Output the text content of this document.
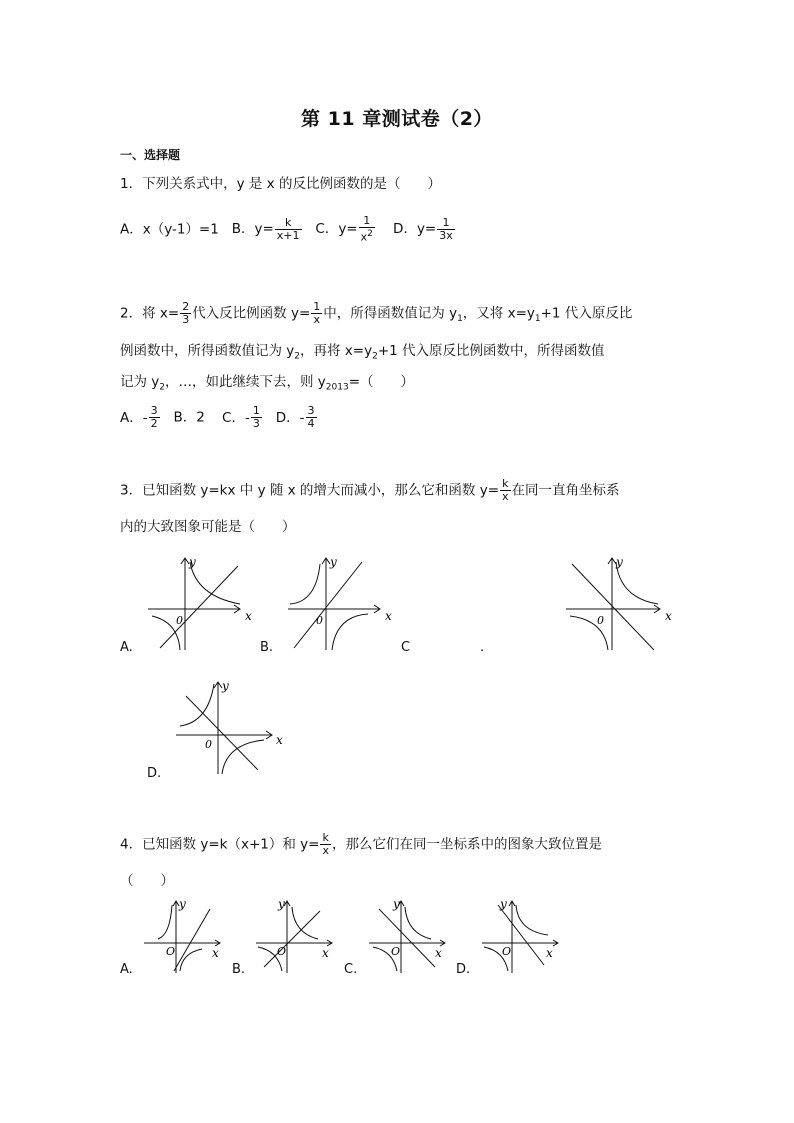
第 11 章测试卷（2）
一、选择题
1．下列关系式中，y 是 x 的反比例函数的是（　　）
A．x（y-1）=1 B．$y= \frac{k}{x+1}$ C．$y= \frac{1}{x^2}$ D．$y= \frac{1}{3x}$
2．将 $x= \frac{2}{3}$ 代入反比例函数 $y= \frac{1}{x}$ 中，所得函数值记为 $y_1$，又将 $x=y_1+1$ 代入原反比
例函数中，所得函数值记为 $y_2$，再将 $x=y_2+1$ 代入原反比例函数中，所得函数值
记为 $y_2$，…，如此继续下去，则 $y_{2013}=$（　　）
A．- $\frac{3}{2}$ B．2 C．- $\frac{1}{3}$ D．- $\frac{3}{4}$
3．已知函数 y=kx 中 y 随 x 的增大而减小，那么它和函数 $y= \frac{k}{x}$ 在同一直角坐标系
内的大致图象可能是（　　）
y
x
0
y
x
0
y
x
0
y
x
0
A.	B.	C	.
D.
4．已知函数 y=k（x+1）和 $y= \frac{k}{x}$ ，那么它们在同一坐标系中的图象大致位置是
（　　）
y
x
O
y
x
O
y
x
O
y
x
O
A.	B.	C.	D.
